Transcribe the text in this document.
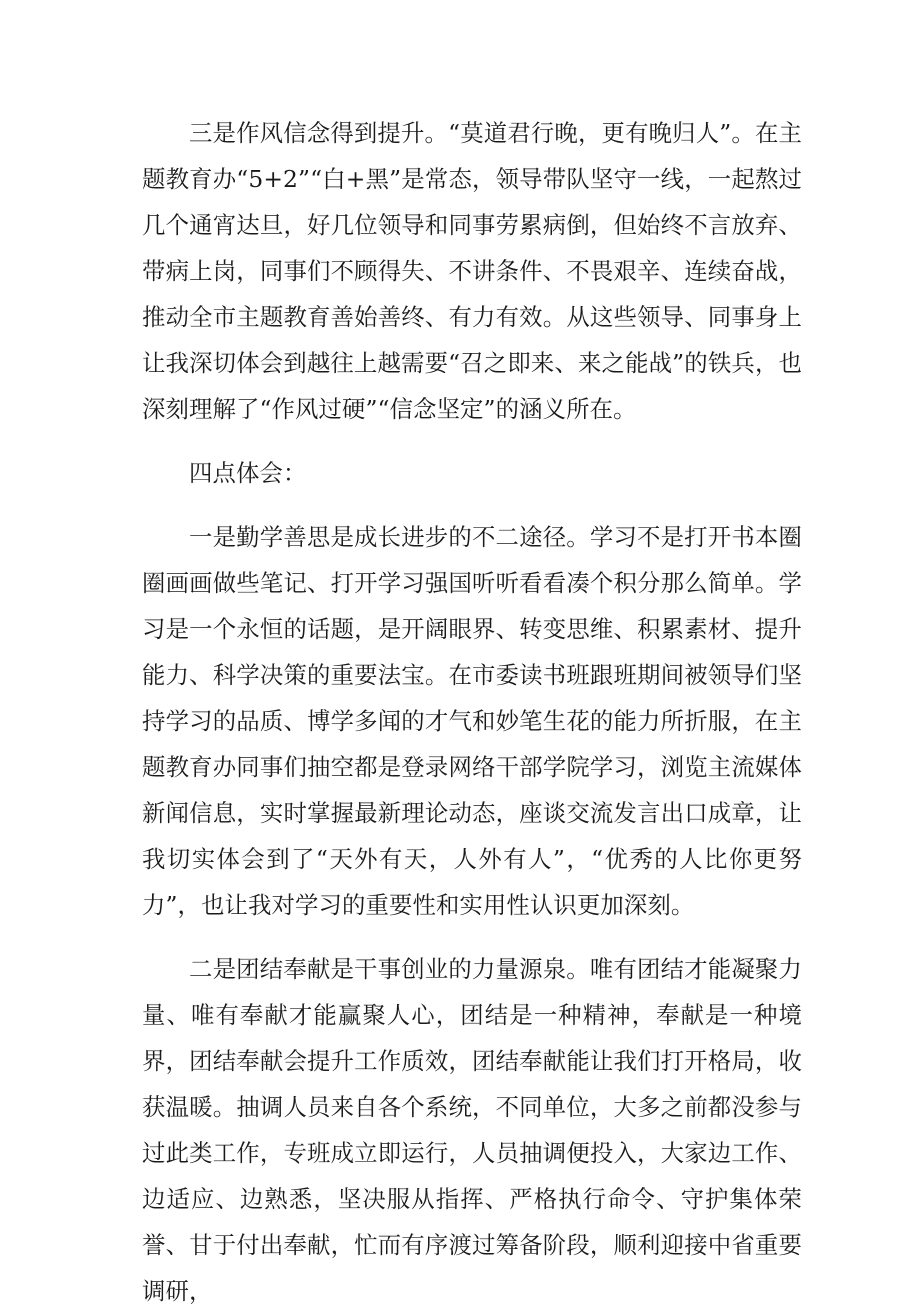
三是作风信念得到提升。“莫道君行晚，更有晚归人”。在主题教育办“5+2”“白+黑”是常态，领导带队坚守一线，一起熬过几个通宵达旦，好几位领导和同事劳累病倒，但始终不言放弃、带病上岗，同事们不顾得失、不讲条件、不畏艰辛、连续奋战，推动全市主题教育善始善终、有力有效。从这些领导、同事身上让我深切体会到越往上越需要“召之即来、来之能战”的铁兵，也深刻理解了“作风过硬”“信念坚定”的涵义所在。

四点体会：

一是勤学善思是成长进步的不二途径。学习不是打开书本圈圈画画做些笔记、打开学习强国听听看看凑个积分那么简单。学习是一个永恒的话题，是开阔眼界、转变思维、积累素材、提升能力、科学决策的重要法宝。在市委读书班跟班期间被领导们坚持学习的品质、博学多闻的才气和妙笔生花的能力所折服，在主题教育办同事们抽空都是登录网络干部学院学习，浏览主流媒体新闻信息，实时掌握最新理论动态，座谈交流发言出口成章，让我切实体会到了“天外有天，人外有人”，“优秀的人比你更努力”，也让我对学习的重要性和实用性认识更加深刻。

二是团结奉献是干事创业的力量源泉。唯有团结才能凝聚力量、唯有奉献才能赢聚人心，团结是一种精神，奉献是一种境界，团结奉献会提升工作质效，团结奉献能让我们打开格局，收获温暖。抽调人员来自各个系统，不同单位，大多之前都没参与过此类工作，专班成立即运行，人员抽调便投入，大家边工作、边适应、边熟悉，坚决服从指挥、严格执行命令、守护集体荣誉、甘于付出奉献，忙而有序渡过筹备阶段，顺利迎接中省重要调研，
